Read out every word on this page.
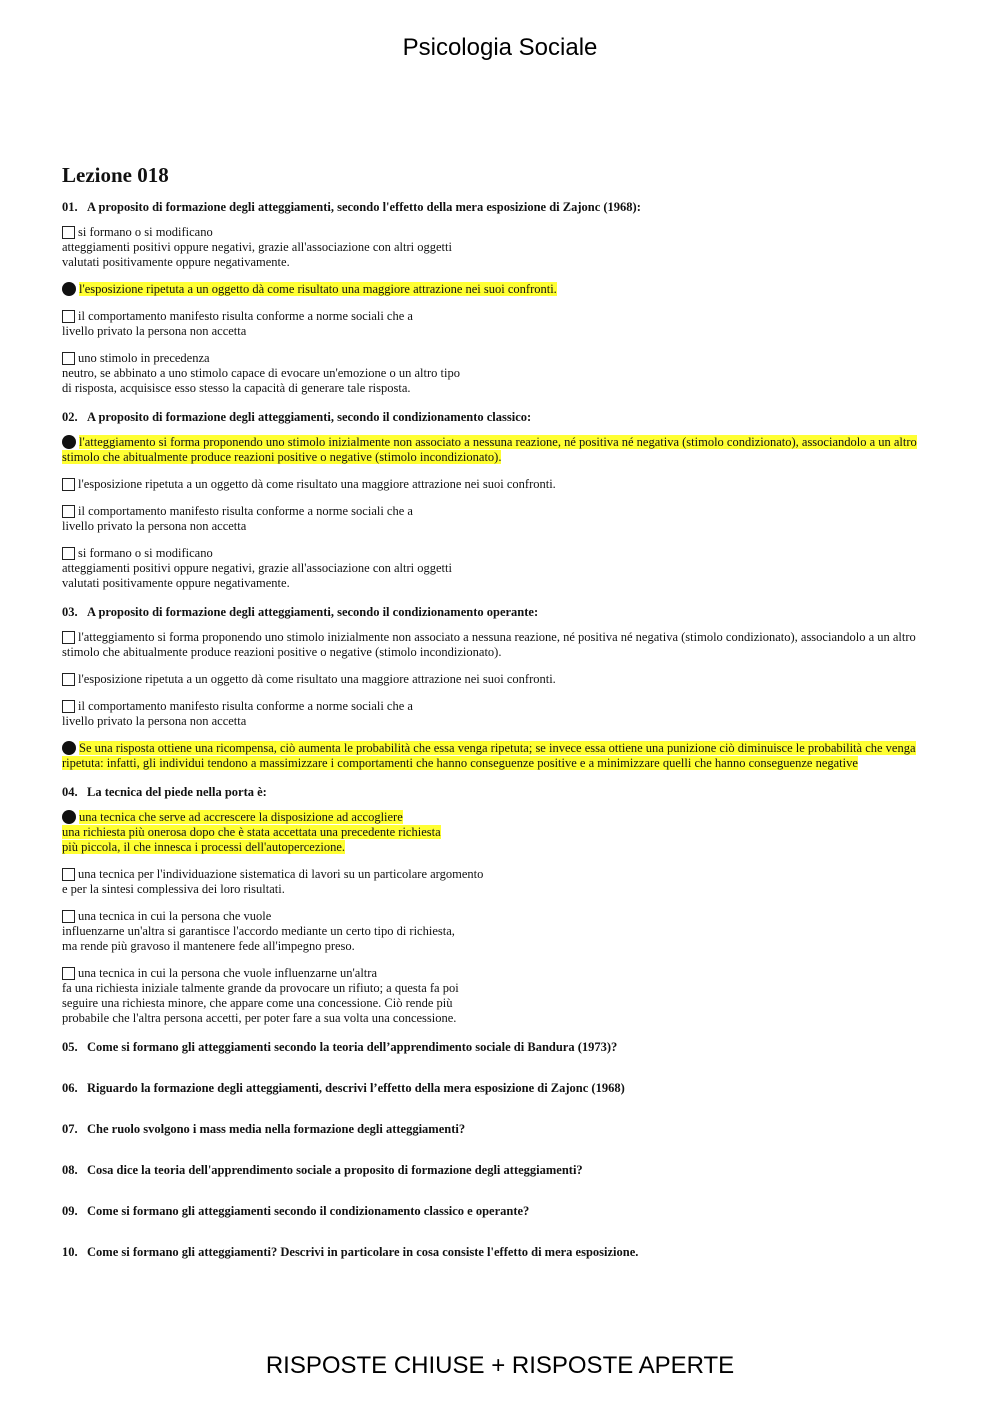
Psicologia Sociale
Lezione 018
01. A proposito di formazione degli atteggiamenti, secondo l'effetto della mera esposizione di Zajonc (1968):
si formano o si modificano
atteggiamenti positivi oppure negativi, grazie all'associazione con altri oggetti
valutati positivamente oppure negativamente.
l'esposizione ripetuta a un oggetto dà come risultato una maggiore attrazione nei suoi confronti.
il comportamento manifesto risulta conforme a norme sociali che a
livello privato la persona non accetta
uno stimolo in precedenza
neutro, se abbinato a uno stimolo capace di evocare un'emozione o un altro tipo
di risposta, acquisisce esso stesso la capacità di generare tale risposta.
02. A proposito di formazione degli atteggiamenti, secondo il condizionamento classico:
l'atteggiamento si forma proponendo uno stimolo inizialmente non associato a nessuna reazione, né positiva né negativa (stimolo condizionato), associandolo a un altro stimolo che abitualmente produce reazioni positive o negative (stimolo incondizionato).
l'esposizione ripetuta a un oggetto dà come risultato una maggiore attrazione nei suoi confronti.
il comportamento manifesto risulta conforme a norme sociali che a
livello privato la persona non accetta
si formano o si modificano
atteggiamenti positivi oppure negativi, grazie all'associazione con altri oggetti
valutati positivamente oppure negativamente.
03. A proposito di formazione degli atteggiamenti, secondo il condizionamento operante:
l'atteggiamento si forma proponendo uno stimolo inizialmente non associato a nessuna reazione, né positiva né negativa (stimolo condizionato), associandolo a un altro stimolo che abitualmente produce reazioni positive o negative (stimolo incondizionato).
l'esposizione ripetuta a un oggetto dà come risultato una maggiore attrazione nei suoi confronti.
il comportamento manifesto risulta conforme a norme sociali che a
livello privato la persona non accetta
Se una risposta ottiene una ricompensa, ciò aumenta le probabilità che essa venga ripetuta; se invece essa ottiene una punizione ciò diminuisce le probabilità che venga ripetuta: infatti, gli individui tendono a massimizzare i comportamenti che hanno conseguenze positive e a minimizzare quelli che hanno conseguenze negative
04. La tecnica del piede nella porta è:
una tecnica che serve ad accrescere la disposizione ad accogliere
una richiesta più onerosa dopo che è stata accettata una precedente richiesta
più piccola, il che innesca i processi dell'autopercezione.
una tecnica per l'individuazione sistematica di lavori su un particolare argomento
e per la sintesi complessiva dei loro risultati.
una tecnica in cui la persona che vuole
influenzarne un'altra si garantisce l'accordo mediante un certo tipo di richiesta,
ma rende più gravoso il mantenere fede all'impegno preso.
una tecnica in cui la persona che vuole influenzarne un'altra
fa una richiesta iniziale talmente grande da provocare un rifiuto; a questa fa poi
seguire una richiesta minore, che appare come una concessione. Ciò rende più
probabile che l'altra persona accetti, per poter fare a sua volta una concessione.
05. Come si formano gli atteggiamenti secondo la teoria dell’apprendimento sociale di Bandura (1973)?
06. Riguardo la formazione degli atteggiamenti, descrivi l’effetto della mera esposizione di Zajonc (1968)
07. Che ruolo svolgono i mass media nella formazione degli atteggiamenti?
08. Cosa dice la teoria dell'apprendimento sociale a proposito di formazione degli atteggiamenti?
09. Come si formano gli atteggiamenti secondo il condizionamento classico e operante?
10. Come si formano gli atteggiamenti? Descrivi in particolare in cosa consiste l'effetto di mera esposizione.
RISPOSTE CHIUSE + RISPOSTE APERTE
